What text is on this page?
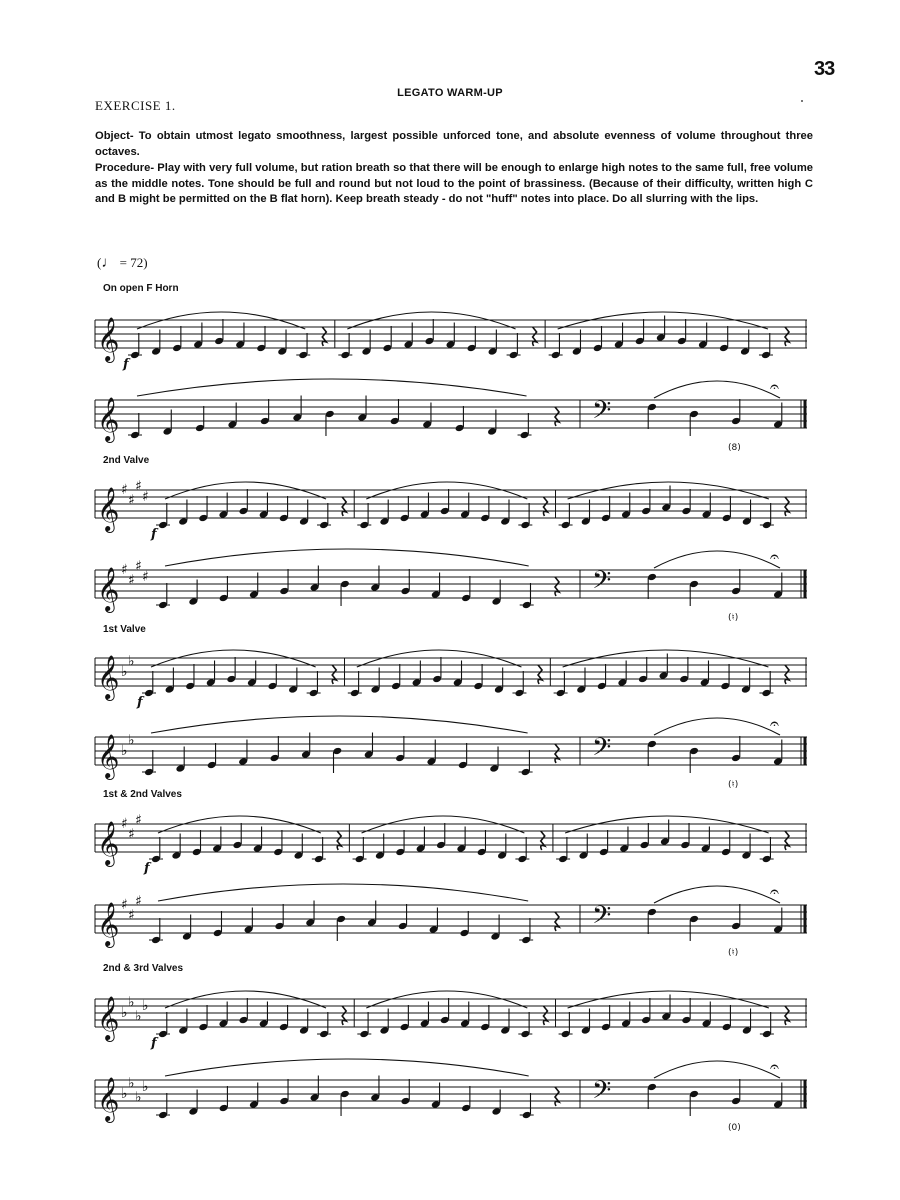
33
LEGATO WARM-UP
EXERCISE 1.
Object- To obtain utmost legato smoothness, largest possible unforced tone, and absolute evenness of volume throughout three octaves.
Procedure- Play with very full volume, but ration breath so that there will be enough to enlarge high notes to the same full, free volume as the middle notes. Tone should be full and round but not loud to the point of brassiness. (Because of their difficulty, written high C and B might be permitted on the B flat horn). Keep breath steady - do not "huff" notes into place. Do all slurring with the lips.
(♩ = 72)
On open F Horn
𝄞
f
𝄞	𝄢
𝄐
(8)
2nd Valve
𝄞 ♯
♯
♯
♯
f
𝄞 ♯
♯
♯
♯	𝄢
𝄐
(♮)
1st Valve
𝄞 ♭
♭
f
𝄞 ♭
♭	𝄢
𝄐
(♮)
1st & 2nd Valves
𝄞 ♯
♯
♯
f
𝄞 ♯
♯
♯	𝄢
𝄐
(♮)
2nd & 3rd Valves
𝄞 ♭
♭
♭
♭
f
𝄞 ♭
♭
♭
♭	𝄢
𝄐
(0)
